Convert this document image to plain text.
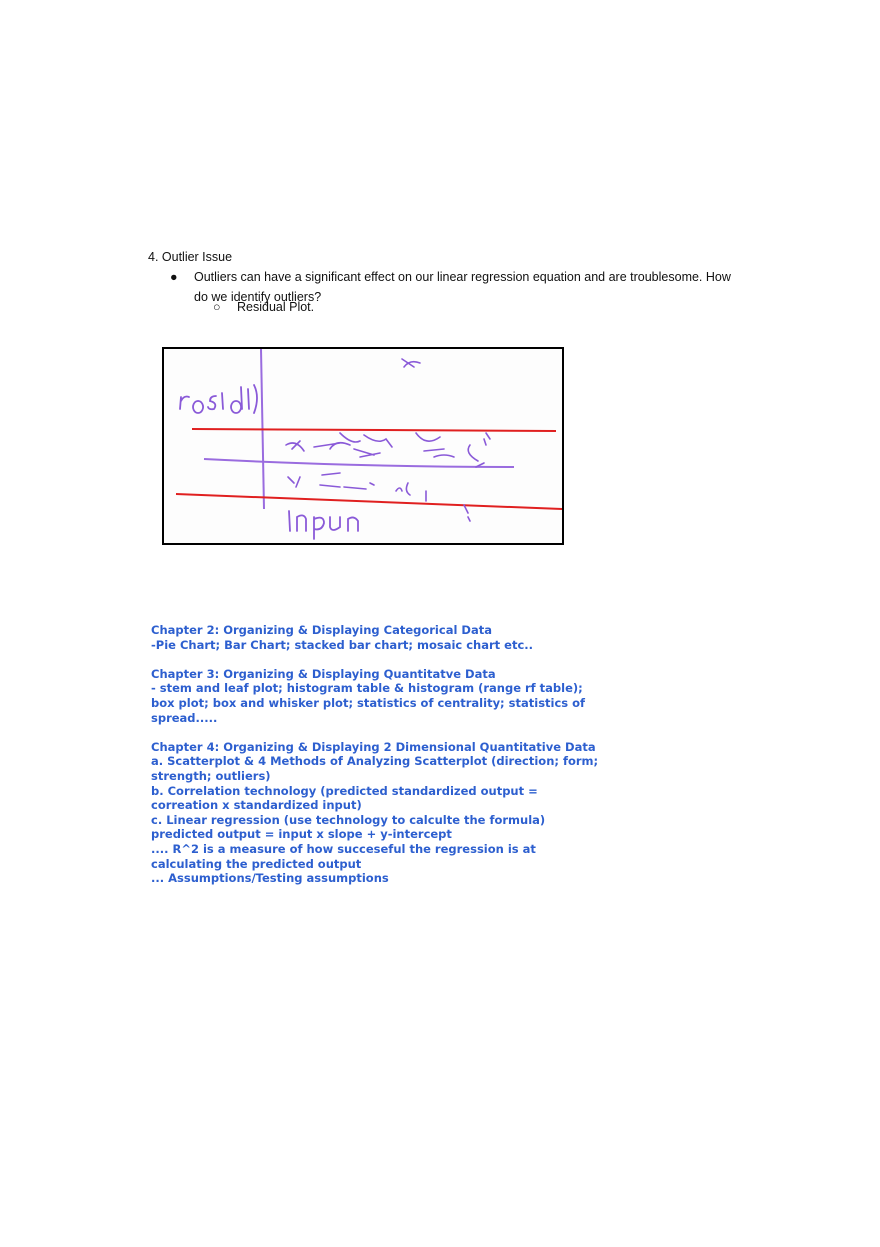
4. Outlier Issue
●	Outliers can have a significant effect on our linear regression equation and are troublesome. How do we identify outliers?
○ Residual Plot.
Chapter 2: Organizing & Displaying Categorical Data
-Pie Chart; Bar Chart; stacked bar chart; mosaic chart etc..
Chapter 3: Organizing & Displaying Quantitatve Data
- stem and leaf plot; histogram table & histogram (range rf table);
box plot; box and whisker plot; statistics of centrality; statistics of
spread.....
Chapter 4: Organizing & Displaying 2 Dimensional Quantitative Data
a. Scatterplot & 4 Methods of Analyzing Scatterplot (direction; form;
strength; outliers)
b. Correlation technology (predicted standardized output =
correation x standardized input)
c. Linear regression (use technology to calculte the formula)
predicted output = input x slope + y-intercept
.... R^2 is a measure of how succeseful the regression is at
calculating the predicted output
... Assumptions/Testing assumptions
